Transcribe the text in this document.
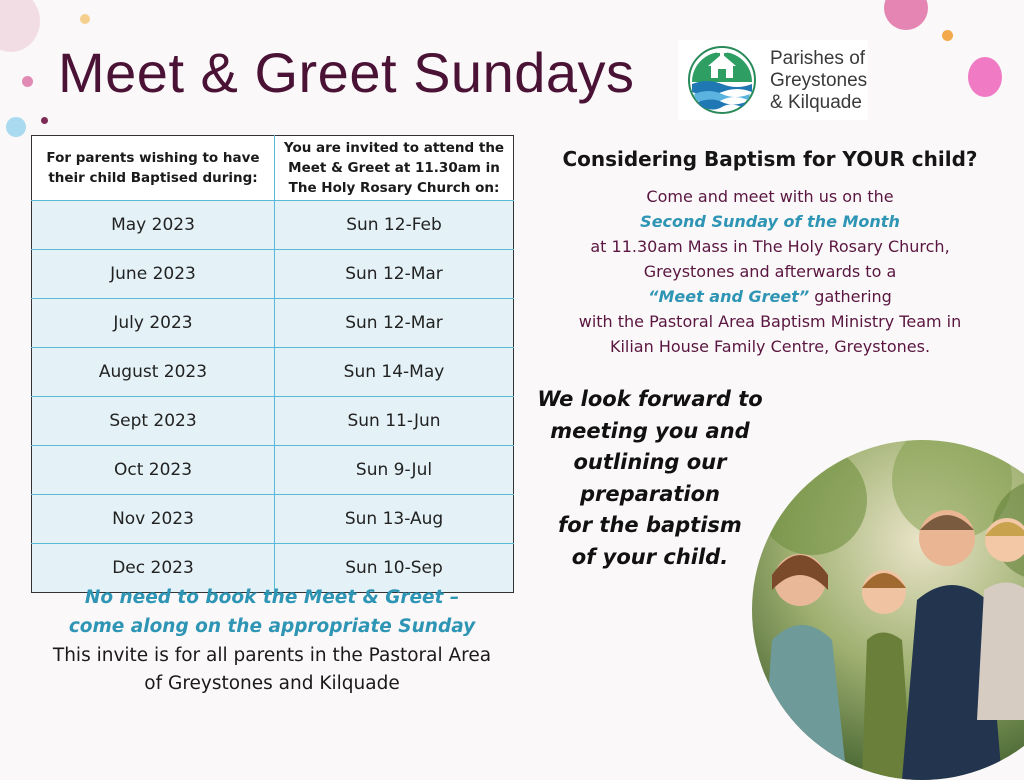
Meet & Greet Sundays	Parishes of
Greystones
& Kilquade
For parents wishing to have their child Baptised during:	You are invited to attend the Meet & Greet at 11.30am in The Holy Rosary Church on:
May 2023	Sun 12-Feb
June 2023	Sun 12-Mar
July 2023	Sun 12-Mar
August 2023	Sun 14-May
Sept 2023	Sun 11-Jun
Oct 2023	Sun 9-Jul
Nov 2023	Sun 13-Aug
Dec 2023	Sun 10-Sep
No need to book the Meet & Greet –
come along on the appropriate Sunday
This invite is for all parents in the Pastoral Area
of Greystones and Kilquade
Considering Baptism for YOUR child?
Come and meet with us on the
Second Sunday of the Month
at 11.30am Mass in The Holy Rosary Church,
Greystones and afterwards to a
“Meet and Greet” gathering
with the Pastoral Area Baptism Ministry Team in
Kilian House Family Centre, Greystones.
We look forward to
meeting you and
outlining our
preparation
for the baptism
of your child.
